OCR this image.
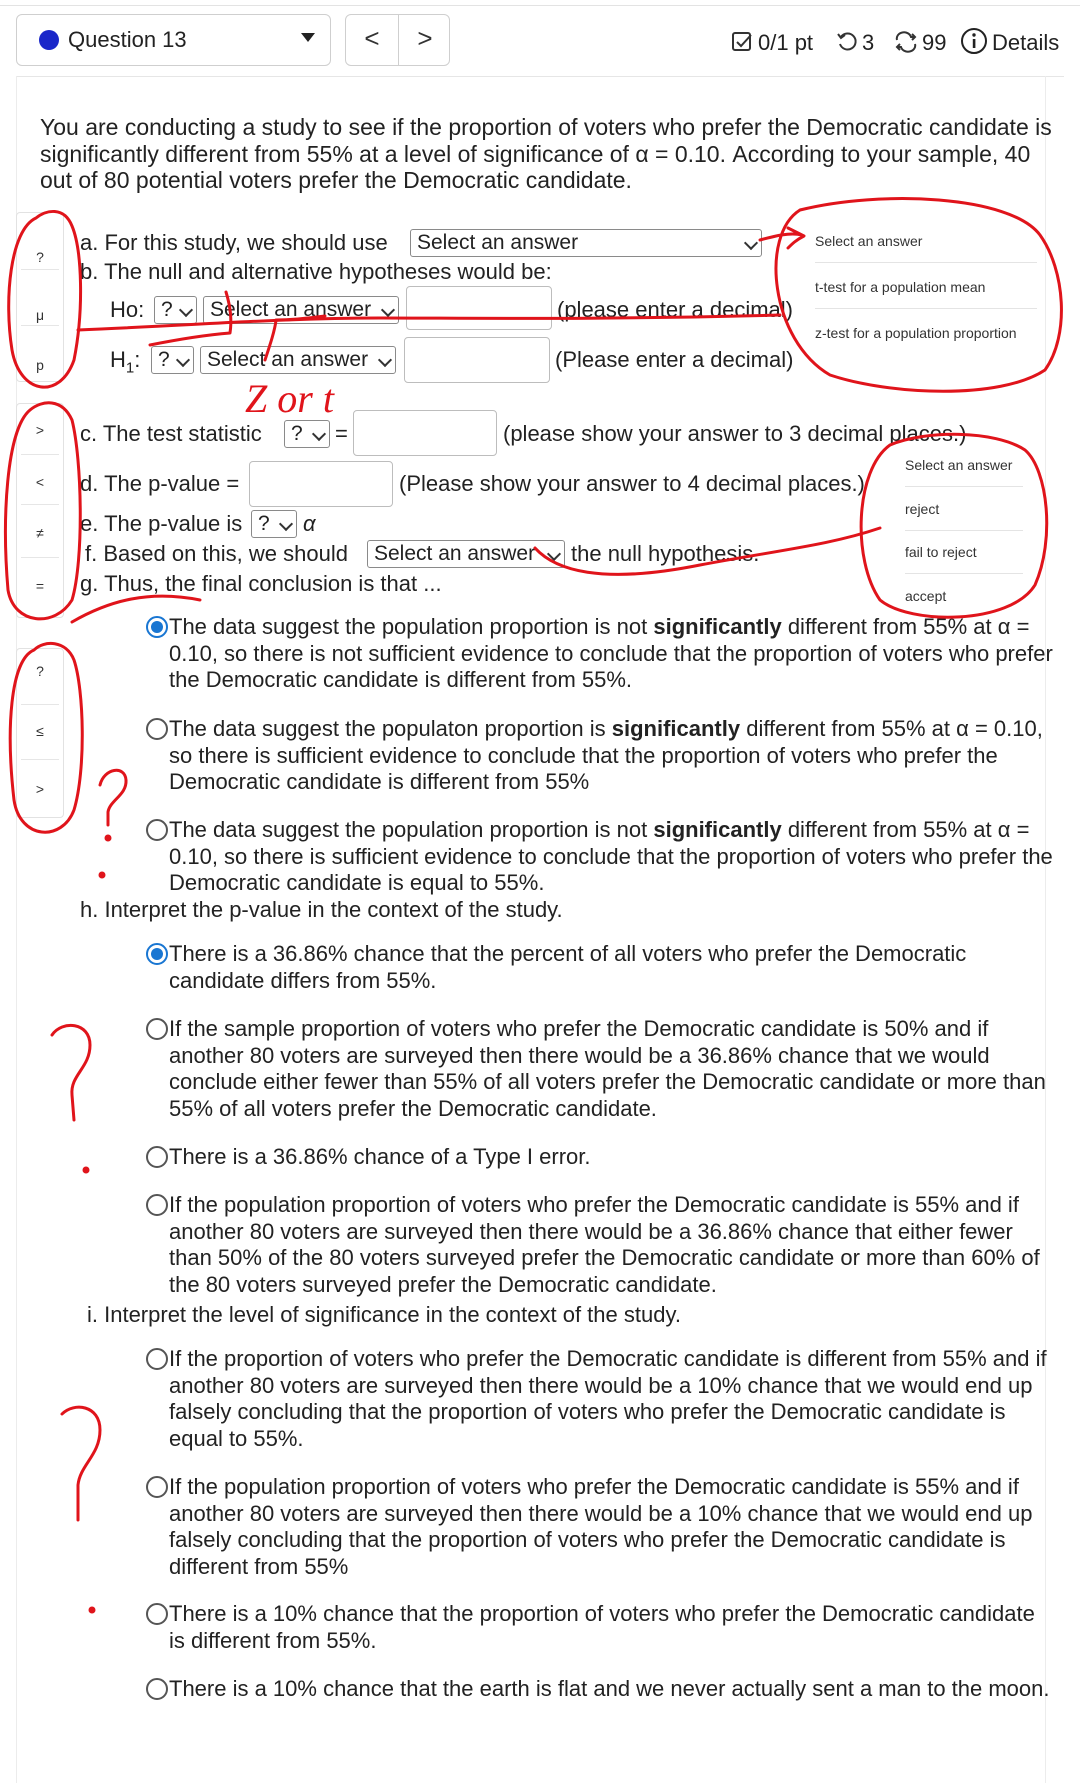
Question 13	<	>	0/1 pt 3 99 Details
You are conducting a study to see if the proportion of voters who prefer the Democratic candidate is significantly different from 55% at a level of significance of α = 0.10. According to your sample, 40 out of 80 potential voters prefer the Democratic candidate.
a. For this study, we should use	Select an answer
b. The null and alternative hypotheses would be:
Ho: ?	Select an answer	(please enter a decimal)
$H_1$: ?	Select an answer	(Please enter a decimal)
c. The test statistic	?	=	(please show your answer to 3 decimal places.)
d. The p-value =	(Please show your answer to 4 decimal places.)
e. The p-value is ?	α
f. Based on this, we should	Select an answer	the null hypothesis.
g. Thus, the final conclusion is that ...
The data suggest the population proportion is not significantly different from 55% at α = 0.10, so there is not sufficient evidence to conclude that the proportion of voters who prefer the Democratic candidate is different from 55%.
The data suggest the populaton proportion is significantly different from 55% at α = 0.10, so there is sufficient evidence to conclude that the proportion of voters who prefer the Democratic candidate is different from 55%
The data suggest the population proportion is not significantly different from 55% at α = 0.10, so there is sufficient evidence to conclude that the proportion of voters who prefer the Democratic candidate is equal to 55%.
h. Interpret the p-value in the context of the study.
There is a 36.86% chance that the percent of all voters who prefer the Democratic candidate differs from 55%.
If the sample proportion of voters who prefer the Democratic candidate is 50% and if another 80 voters are surveyed then there would be a 36.86% chance that we would conclude either fewer than 55% of all voters prefer the Democratic candidate or more than 55% of all voters prefer the Democratic candidate.
There is a 36.86% chance of a Type I error.
If the population proportion of voters who prefer the Democratic candidate is 55% and if another 80 voters are surveyed then there would be a 36.86% chance that either fewer than 50% of the 80 voters surveyed prefer the Democratic candidate or more than 60% of the 80 voters surveyed prefer the Democratic candidate.
i. Interpret the level of significance in the context of the study.
If the proportion of voters who prefer the Democratic candidate is different from 55% and if another 80 voters are surveyed then there would be a 10% chance that we would end up falsely concluding that the proportion of voters who prefer the Democratic candidate is equal to 55%.
If the population proportion of voters who prefer the Democratic candidate is 55% and if another 80 voters are surveyed then there would be a 10% chance that we would end up falsely concluding that the proportion of voters who prefer the Democratic candidate is different from 55%
There is a 10% chance that the proportion of voters who prefer the Democratic candidate is different from 55%.
There is a 10% chance that the earth is flat and we never actually sent a man to the moon.
?
μ
p
>
<
≠
=
?
≤
>
Select an answer
t-test for a population mean
z-test for a population proportion
Select an answer
reject
fail to reject
accept
Z or t
